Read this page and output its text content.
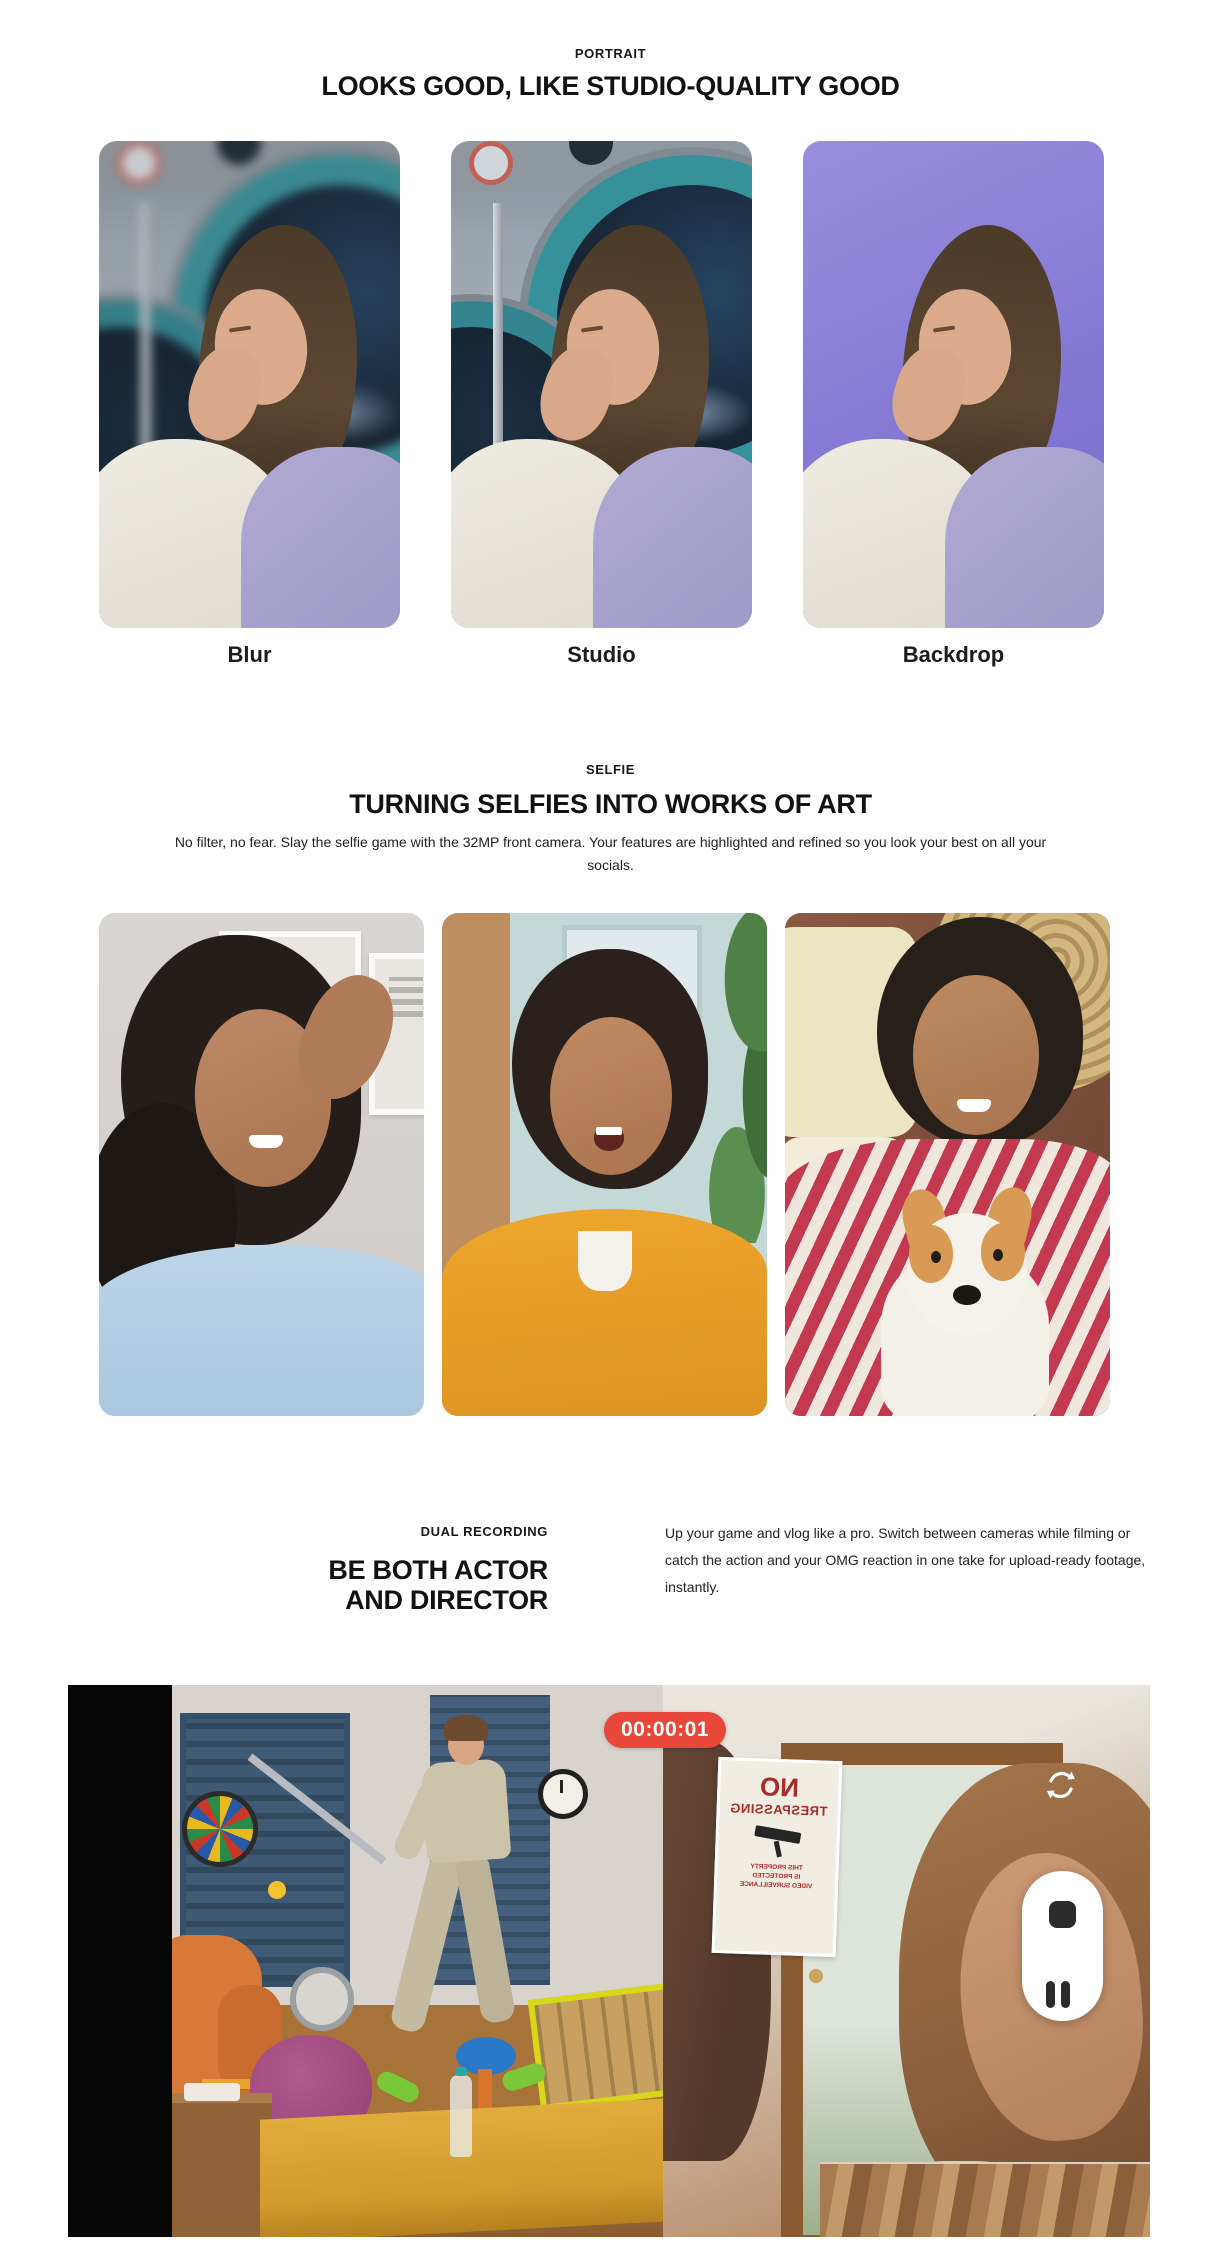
PORTRAIT
LOOKS GOOD, LIKE STUDIO-QUALITY GOOD
Blur	Studio	Backdrop
SELFIE
TURNING SELFIES INTO WORKS OF ART

No filter, no fear. Slay the selfie game with the 32MP front camera. Your features are highlighted and refined so you look your best on all your socials.

DUAL RECORDING
BE BOTH ACTOR
AND DIRECTOR

Up your game and vlog like a pro. Switch between cameras while filming or catch the action and your OMG reaction in one take for upload-ready footage, instantly.

NO
TRESPASSING
THIS PROPERTY
IS PROTECTED
VIDEO SURVEILLANCE
00:00:01
